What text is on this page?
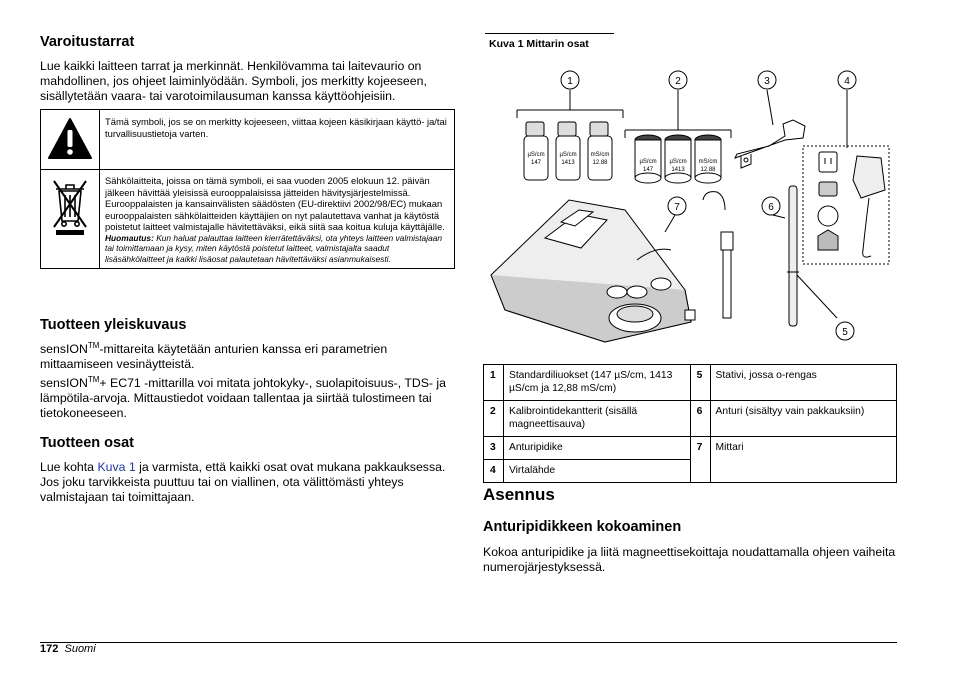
Varoitustarrat
Lue kaikki laitteen tarrat ja merkinnät. Henkilövamma tai laitevaurio on mahdollinen, jos ohjeet laiminlyödään. Symboli, jos merkitty kojeeseen, sisällytetään vaara- tai varotoimilausuman kanssa käyttöohjeisiin.
	Tämä symboli, jos se on merkitty kojeeseen, viittaa kojeen käsikirjaan käyttö- ja/tai turvallisuustietoja varten.

Sähkölaitteita, joissa on tämä symboli, ei saa vuoden 2005 elokuun 12. päivän jälkeen hävittää yleisissä eurooppalaisissa jätteiden hävitysjärjestelmissä. Eurooppalaisten ja kansainvälisten säädösten (EU-direktiivi 2002/98/EC) mukaan eurooppalaisten sähkölaitteiden käyttäjien on nyt palautettava vanhat ja käytöstä poistetut laitteet valmistajalle hävitettäväksi, eikä siitä saa koitua kuluja käyttäjälle.
Huomautus: Kun haluat palauttaa laitteen kierrätettäväksi, ota yhteys laitteen valmistajaan tai toimittamaan ja kysy, miten käytöstä poistetut laitteet, valmistajalta saadut lisäsähkölaitteet ja kaikki lisäosat palautetaan hävitettäväksi asianmukaisesti.
Tuotteen yleiskuvaus
sensION™-mittareita käytetään anturien kanssa eri parametrien mittaamiseen vesinäytteistä.
sensION™+ EC71 -mittarilla voi mitata johtokyky-, suolapitoisuus-, TDS- ja lämpötila-arvoja. Mittaustiedot voidaan tallentaa ja siirtää tulostimeen tai tietokoneeseen.
Tuotteen osat
Lue kohta Kuva 1 ja varmista, että kaikki osat ovat mukana pakkauksessa. Jos joku tarvikkeista puuttuu tai on viallinen, ota välittömästi yhteys valmistajaan tai toimittajaan.
Kuva 1 Mittarin osat
µS/cm
147
µS/cm
1413
mS/cm
12.88	µS/cm
147
µS/cm
1413
mS/cm
12.88
1	2	3	4
5
6
7
1	Standardiliuokset (147 µS/cm, 1413 µS/cm ja 12,88 mS/cm)	5	Stativi, jossa o-rengas
2	Kalibrointidekantterit (sisällä magneettisauva)	6	Anturi (sisältyy vain pakkauksiin)
3	Anturipidike	7	Mittari
4	Virtalähde		
Asennus
Anturipidikkeen kokoaminen
Kokoa anturipidike ja liitä magneettisekoittaja noudattamalla ohjeen vaiheita numerojärjestyksessä.
172 Suomi
